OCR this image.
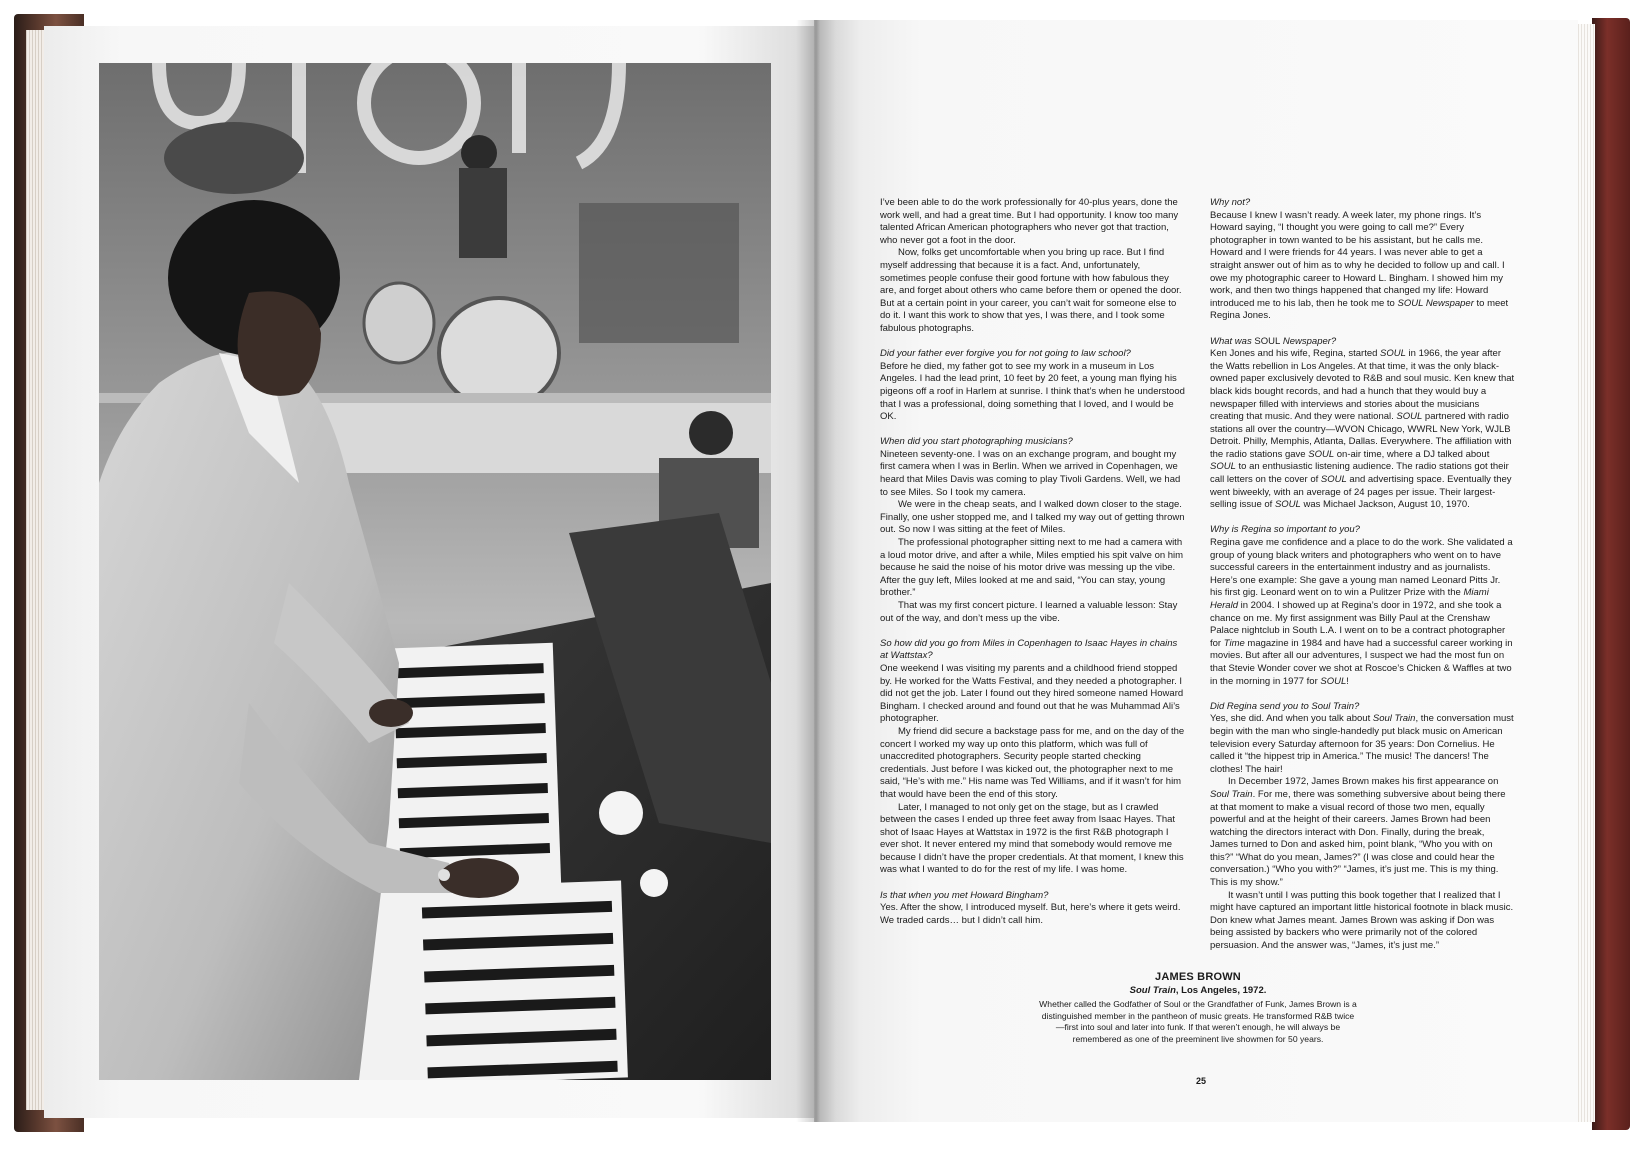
I’ve been able to do the work professionally for 40-plus years, done the work well, and had a great time. But I had opportunity. I know too many talented African American photographers who never got that traction, who never got a foot in the door.

Now, folks get uncomfortable when you bring up race. But I find myself addressing that because it is a fact. And, unfortunately, sometimes people confuse their good fortune with how fabulous they are, and forget about others who came before them or opened the door. But at a certain point in your career, you can’t wait for someone else to do it. I want this work to show that yes, I was there, and I took some fabulous photographs.

Did your father ever forgive you for not going to law school?

Before he died, my father got to see my work in a museum in Los Angeles. I had the lead print, 10 feet by 20 feet, a young man flying his pigeons off a roof in Harlem at sunrise. I think that’s when he understood that I was a professional, doing something that I loved, and I would be OK.

When did you start photographing musicians?

Nineteen seventy-one. I was on an exchange program, and bought my first camera when I was in Berlin. When we arrived in Copenhagen, we heard that Miles Davis was coming to play Tivoli Gardens. Well, we had to see Miles. So I took my camera.

We were in the cheap seats, and I walked down closer to the stage. Finally, one usher stopped me, and I talked my way out of getting thrown out. So now I was sitting at the feet of Miles.

The professional photographer sitting next to me had a camera with a loud motor drive, and after a while, Miles emptied his spit valve on him because he said the noise of his motor drive was messing up the vibe. After the guy left, Miles looked at me and said, “You can stay, young brother.”

That was my first concert picture. I learned a valuable lesson: Stay out of the way, and don’t mess up the vibe.

So how did you go from Miles in Copenhagen to Isaac Hayes in chains at Wattstax?

One weekend I was visiting my parents and a childhood friend stopped by. He worked for the Watts Festival, and they needed a photographer. I did not get the job. Later I found out they hired someone named Howard Bingham. I checked around and found out that he was Muhammad Ali’s photographer.

My friend did secure a backstage pass for me, and on the day of the concert I worked my way up onto this platform, which was full of unaccredited photographers. Security people started checking credentials. Just before I was kicked out, the photographer next to me said, “He’s with me.” His name was Ted Williams, and if it wasn’t for him that would have been the end of this story.

Later, I managed to not only get on the stage, but as I crawled between the cases I ended up three feet away from Isaac Hayes. That shot of Isaac Hayes at Wattstax in 1972 is the first R&B photograph I ever shot. It never entered my mind that somebody would remove me because I didn’t have the proper credentials. At that moment, I knew this was what I wanted to do for the rest of my life. I was home.

Is that when you met Howard Bingham?

Yes. After the show, I introduced myself. But, here’s where it gets weird. We traded cards… but I didn’t call him.

Why not?

Because I knew I wasn’t ready. A week later, my phone rings. It’s Howard saying, “I thought you were going to call me?” Every photographer in town wanted to be his assistant, but he calls me. Howard and I were friends for 44 years. I was never able to get a straight answer out of him as to why he decided to follow up and call. I owe my photographic career to Howard L. Bingham. I showed him my work, and then two things happened that changed my life: Howard introduced me to his lab, then he took me to SOUL Newspaper to meet Regina Jones.

What was SOUL Newspaper?

Ken Jones and his wife, Regina, started SOUL in 1966, the year after the Watts rebellion in Los Angeles. At that time, it was the only black-owned paper exclusively devoted to R&B and soul music. Ken knew that black kids bought records, and had a hunch that they would buy a newspaper filled with interviews and stories about the musicians creating that music. And they were national. SOUL partnered with radio stations all over the country—WVON Chicago, WWRL New York, WJLB Detroit. Philly, Memphis, Atlanta, Dallas. Everywhere. The affiliation with the radio stations gave SOUL on-air time, where a DJ talked about SOUL to an enthusiastic listening audience. The radio stations got their call letters on the cover of SOUL and advertising space. Eventually they went biweekly, with an average of 24 pages per issue. Their largest-selling issue of SOUL was Michael Jackson, August 10, 1970.

Why is Regina so important to you?

Regina gave me confidence and a place to do the work. She validated a group of young black writers and photographers who went on to have successful careers in the entertainment industry and as journalists. Here’s one example: She gave a young man named Leonard Pitts Jr. his first gig. Leonard went on to win a Pulitzer Prize with the Miami Herald in 2004. I showed up at Regina’s door in 1972, and she took a chance on me. My first assignment was Billy Paul at the Crenshaw Palace nightclub in South L.A. I went on to be a contract photographer for Time magazine in 1984 and have had a successful career working in movies. But after all our adventures, I suspect we had the most fun on that Stevie Wonder cover we shot at Roscoe’s Chicken & Waffles at two in the morning in 1977 for SOUL!

Did Regina send you to Soul Train?

Yes, she did. And when you talk about Soul Train, the conversation must begin with the man who single-handedly put black music on American television every Saturday afternoon for 35 years: Don Cornelius. He called it “the hippest trip in America.” The music! The dancers! The clothes! The hair!

In December 1972, James Brown makes his first appearance on Soul Train. For me, there was something subversive about being there at that moment to make a visual record of those two men, equally powerful and at the height of their careers. James Brown had been watching the directors interact with Don. Finally, during the break, James turned to Don and asked him, point blank, “Who you with on this?” “What do you mean, James?” (I was close and could hear the conversation.) “Who you with?” “James, it’s just me. This is my thing. This is my show.”

It wasn’t until I was putting this book together that I realized that I might have captured an important little historical footnote in black music. Don knew what James meant. James Brown was asking if Don was being assisted by backers who were primarily not of the colored persuasion. And the answer was, “James, it’s just me.”

JAMES BROWN
Soul Train, Los Angeles, 1972.
Whether called the Godfather of Soul or the Grandfather of Funk, James Brown is a distinguished member in the pantheon of music greats. He transformed R&B twice—first into soul and later into funk. If that weren’t enough, he will always be remembered as one of the preeminent live showmen for 50 years.
25
